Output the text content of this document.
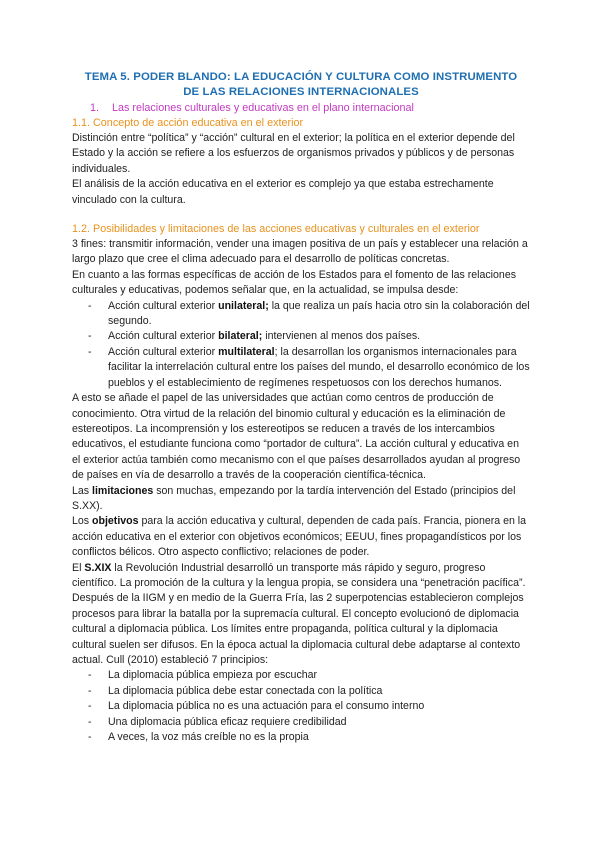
TEMA 5. PODER BLANDO: LA EDUCACIÓN Y CULTURA COMO INSTRUMENTO
DE LAS RELACIONES INTERNACIONALES
1. Las relaciones culturales y educativas en el plano internacional
1.1. Concepto de acción educativa en el exterior

Distinción entre “política” y “acción” cultural en el exterior; la política en el exterior depende del Estado y la acción se refiere a los esfuerzos de organismos privados y públicos y de personas individuales.

El análisis de la acción educativa en el exterior es complejo ya que estaba estrechamente vinculado con la cultura.

1.2. Posibilidades y limitaciones de las acciones educativas y culturales en el exterior

3 fines: transmitir información, vender una imagen positiva de un país y establecer una relación a largo plazo que cree el clima adecuado para el desarrollo de políticas concretas.

En cuanto a las formas específicas de acción de los Estados para el fomento de las relaciones culturales y educativas, podemos señalar que, en la actualidad, se impulsa desde:

- Acción cultural exterior unilateral; la que realiza un país hacia otro sin la colaboración del segundo.
- Acción cultural exterior bilateral; intervienen al menos dos países.
- Acción cultural exterior multilateral; la desarrollan los organismos internacionales para facilitar la interrelación cultural entre los países del mundo, el desarrollo económico de los pueblos y el establecimiento de regímenes respetuosos con los derechos humanos.

A esto se añade el papel de las universidades que actúan como centros de producción de conocimiento. Otra virtud de la relación del binomio cultural y educación es la eliminación de estereotipos. La incomprensión y los estereotipos se reducen a través de los intercambios educativos, el estudiante funciona como “portador de cultura”. La acción cultural y educativa en el exterior actúa también como mecanismo con el que países desarrollados ayudan al progreso de países en vía de desarrollo a través de la cooperación científica-técnica.

Las limitaciones son muchas, empezando por la tardía intervención del Estado (principios del S.XX).

Los objetivos para la acción educativa y cultural, dependen de cada país. Francia, pionera en la acción educativa en el exterior con objetivos económicos; EEUU, fines propagandísticos por los conflictos bélicos. Otro aspecto conflictivo; relaciones de poder.

El S.XIX la Revolución Industrial desarrolló un transporte más rápido y seguro, progreso científico. La promoción de la cultura y la lengua propia, se considera una “penetración pacífica”.

Después de la IIGM y en medio de la Guerra Fría, las 2 superpotencias establecieron complejos procesos para librar la batalla por la supremacía cultural. El concepto evolucionó de diplomacia cultural a diplomacia pública. Los límites entre propaganda, política cultural y la diplomacia cultural suelen ser difusos. En la época actual la diplomacia cultural debe adaptarse al contexto actual. Cull (2010) estableció 7 principios:

- La diplomacia pública empieza por escuchar
- La diplomacia pública debe estar conectada con la política
- La diplomacia pública no es una actuación para el consumo interno
- Una diplomacia pública eficaz requiere credibilidad
- A veces, la voz más creíble no es la propia
